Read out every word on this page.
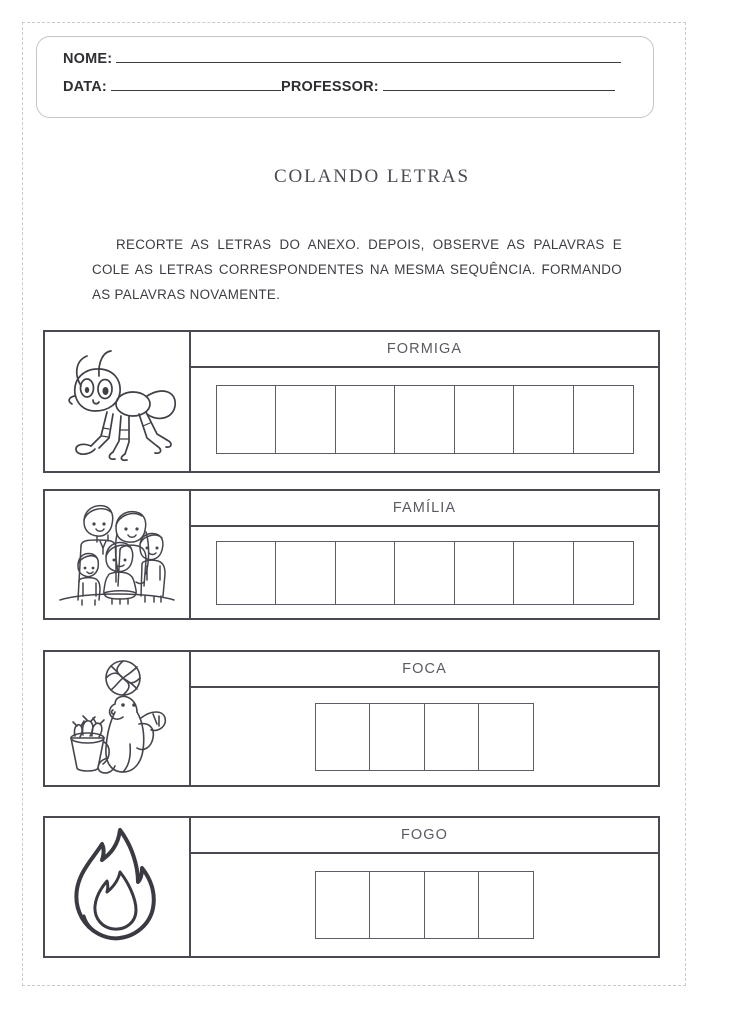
NOME:
DATA:	PROFESSOR:
COLANDO LETRAS
RECORTE AS LETRAS DO ANEXO. DEPOIS, OBSERVE AS PALAVRAS E COLE AS LETRAS CORRESPONDENTES NA MESMA SEQUÊNCIA. FORMANDO AS PALAVRAS NOVAMENTE.
FORMIGA
FAMÍLIA
FOCA
FOGO
